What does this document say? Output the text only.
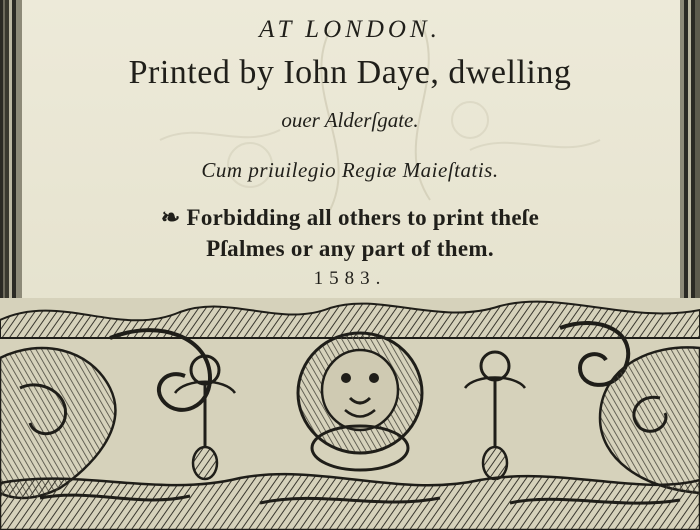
AT LONDON.
Printed by Iohn Daye, dwelling
ouer Alderſgate.
Cum priuilegio Regiæ Maieſtatis.
❧ Forbidding all others to print theſe
Pſalmes or any part of them.
1583.
